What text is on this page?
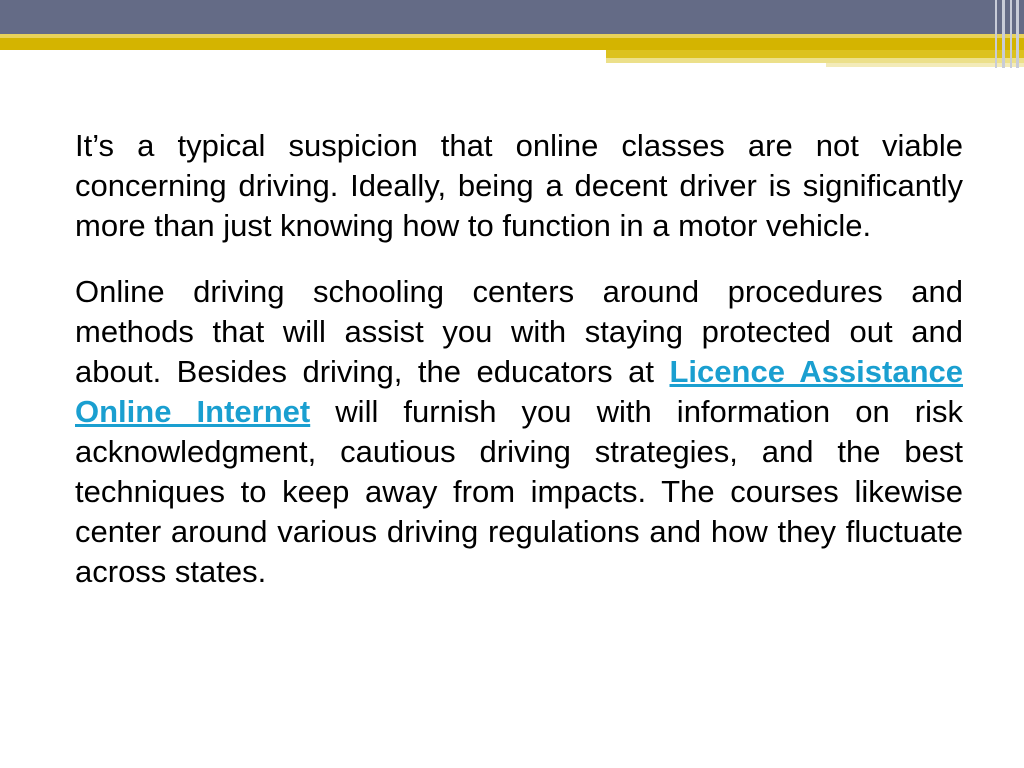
It’s a typical suspicion that online classes are not viable concerning driving. Ideally, being a decent driver is significantly more than just knowing how to function in a motor vehicle.

Online driving schooling centers around procedures and methods that will assist you with staying protected out and about. Besides driving, the educators at Licence Assistance Online Internet will furnish you with information on risk acknowledgment, cautious driving strategies, and the best techniques to keep away from impacts. The courses likewise center around various driving regulations and how they fluctuate across states.
